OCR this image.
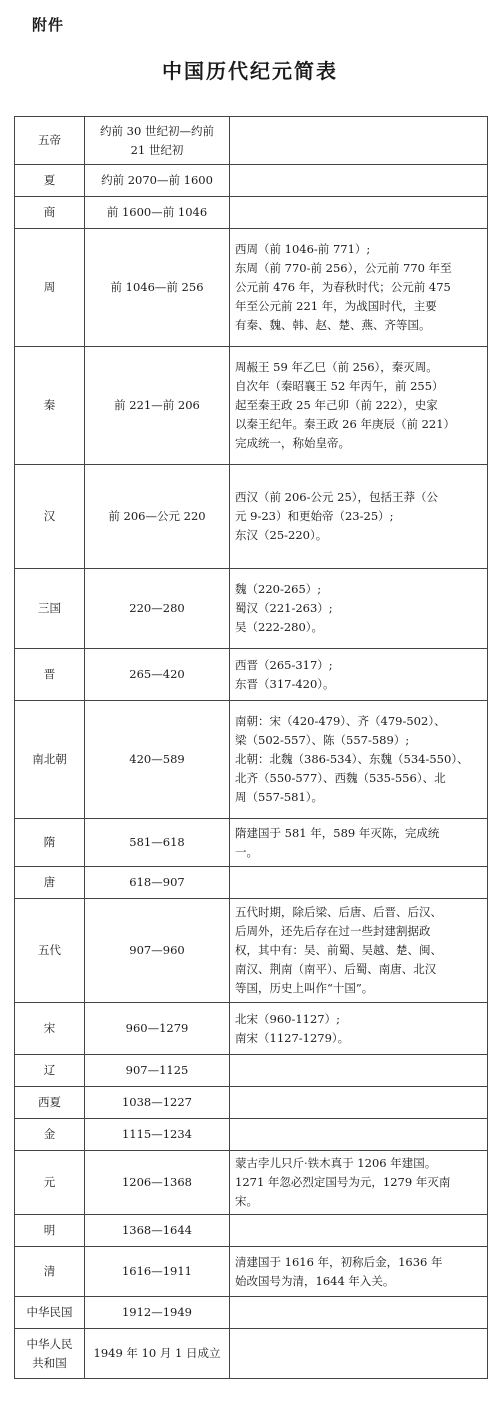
附件
中国历代纪元简表
五帝	约前 30 世纪初—约前
21 世纪初	

夏	约前 2070—前 1600	

商	前 1600—前 1046	

周	前 1046—前 256	西周（前 1046-前 771）;
东周（前 770-前 256），公元前 770 年至
公元前 476 年，为春秋时代；公元前 475
年至公元前 221 年，为战国时代，主要
有秦、魏、韩、赵、楚、燕、齐等国。

秦	前 221—前 206	周赧王 59 年乙巳（前 256），秦灭周。
自次年（秦昭襄王 52 年丙午，前 255）
起至秦王政 25 年己卯（前 222），史家
以秦王纪年。秦王政 26 年庚辰（前 221）
完成统一，称始皇帝。

汉	前 206—公元 220	西汉（前 206-公元 25），包括王莽（公
元 9-23）和更始帝（23-25）;
东汉（25-220）。

三国	220—280	魏（220-265）;
蜀汉（221-263）;
吴（222-280）。

晋	265—420	西晋（265-317）;
东晋（317-420）。

南北朝	420—589	南朝：宋（420-479）、齐（479-502）、
梁（502-557）、陈（557-589）;
北朝：北魏（386-534）、东魏（534-550）、
北齐（550-577）、西魏（535-556）、北
周（557-581）。

隋	581—618	隋建国于 581 年，589 年灭陈，完成统
一。

唐	618—907	

五代	907—960	五代时期，除后梁、后唐、后晋、后汉、
后周外，还先后存在过一些封建割据政
权，其中有：吴、前蜀、吴越、楚、闽、
南汉、荆南（南平）、后蜀、南唐、北汉
等国，历史上叫作“十国”。

宋	960—1279	北宋（960-1127）;
南宋（1127-1279）。

辽	907—1125	

西夏	1038—1227	

金	1115—1234	

元	1206—1368	蒙古孛儿只斤·铁木真于 1206 年建国。
1271 年忽必烈定国号为元，1279 年灭南
宋。

明	1368—1644	

清	1616—1911	清建国于 1616 年，初称后金，1636 年
始改国号为清，1644 年入关。

中华民国	1912—1949	

中华人民
共和国	1949 年 10 月 1 日成立	
